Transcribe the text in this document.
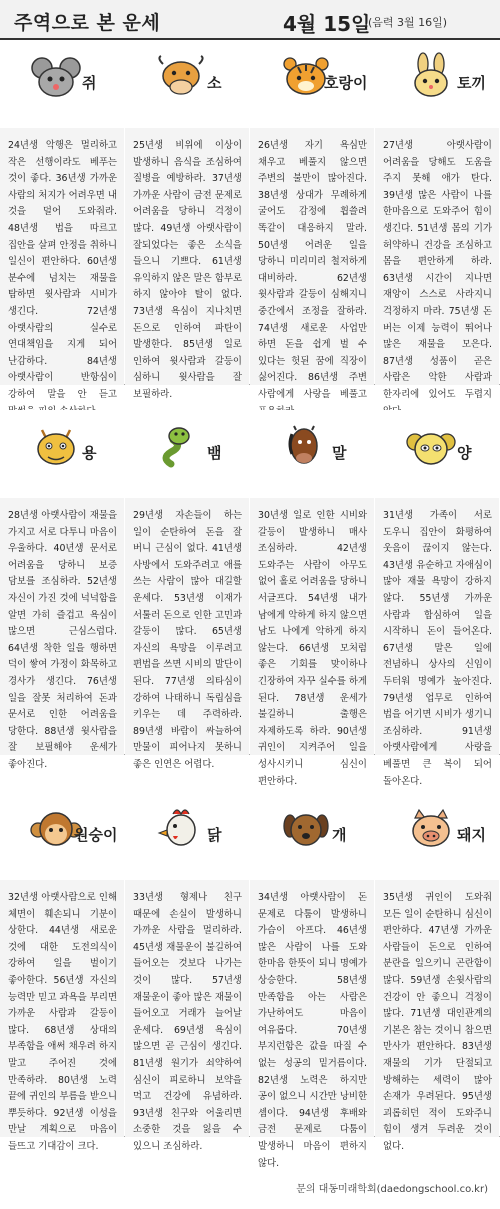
주역으로 본 운세	4월 15일
(음력 3월 16일)
쥐
24년생 악행은 멀리하고 작은 선행이라도 베푸는 것이 좋다. 36년생 가까운 사람의 처지가 어려우면 내 것을 덜어 도와줘라. 48년생 법을 따르고 집안을 살펴 안정을 취하니 일신이 편안하다. 60년생 분수에 넘치는 재물을 탐하면 윗사람과 시비가 생긴다. 72년생 아랫사람의 실수로 연대책임을 지게 되어 난감하다. 84년생 아랫사람이 반항심이 강하여 말을 안 듣고
소
25년생 비위에 이상이 발생하니 음식을 조심하여 질병을 예방하라. 37년생 가까운 사람이 금전 문제로 어려움을 당하니 걱정이 많다. 49년생 아랫사람이 잘되었다는 좋은 소식을 들으니 기쁘다. 61년생 유익하지 않은 말은 함부로 하지 않아야 탈이 없다. 73년생 욕심이 지나치면 돈으로 인하여 파탄이 발생한다. 85년생 일로 인하여 윗사람과 갈등이 심하니 윗사람을 잘 보필하라.
호랑이
26년생 자기 욕심만 채우고 베풀지 않으면 주변의 불만이 많아진다. 38년생 상대가 무례하게 굴어도 감정에 휩쓸려 똑같이 대응하지 말라. 50년생 어려운 일을 당하니 미리미리 철저하게 대비하라. 62년생 윗사람과 갈등이 심해지니 중간에서 조정을 잘하라. 74년생 새로운 사업만 하면 돈을 쉽게 벌 수 있다는 헛된 꿈에 직장이 싫어진다. 86년생 주변 사람에게 사랑을 베풀고
토끼
27년생 아랫사람이 어려움을 당해도 도움을 주지 못해 애가 탄다. 39년생 많은 사람이 나를 한마음으로 도와주어 힘이 생긴다. 51년생 몸의 기가 허약하니 건강을 조심하고 몸을 편안하게 하라. 63년생 시간이 지나면 재앙이 스스로 사라지니 걱정하지 마라. 75년생 돈 버는 이제 능력이 뛰어나 많은 재물을 모은다. 87년생 성품이 곧은 사람은 악한 사람과 한자리에 있어도 두렵지
용
28년생 아랫사람이 재물을 가지고 서로 다투니 마음이 우울하다. 40년생 문서로 어려움을 당하니 보증 담보를 조심하라. 52년생 자신이 가진 것에 넉넉함을 알면 가히 즐겁고 욕심이 많으면 근심스럽다. 64년생 착한 일을 행하면 덕이 쌓여 가정이 화목하고 경사가 생긴다. 76년생 일을 잘못 처리하여 돈과 문서로 인한 어려움을 당한다. 88년생 윗사람을 잘 보필해야 운세가 좋아진다.
뱀
29년생 자손들이 하는 일이 순탄하여 돈을 잘 버니 근심이 없다. 41년생 사방에서 도와주려고 애를 쓰는 사람이 많아 대길할 운세다. 53년생 이재가 서툴러 돈으로 인한 고민과 갈등이 많다. 65년생 자신의 욕망을 이루려고 편법을 쓰면 시비의 발단이 된다. 77년생 의타심이 강하여 나태하니 독립심을 키우는 데 주력하라. 89년생 바람이 싸늘하여 만물이 피어나지 못하니 좋은 인연은 어렵다.
말
30년생 일로 인한 시비와 갈등이 발생하니 매사 조심하라. 42년생 도와주는 사람이 아무도 없어 홀로 어려움을 당하니 서글프다. 54년생 내가 남에게 악하게 하지 않으면 남도 나에게 악하게 하지 않는다. 66년생 모처럼 좋은 기회를 맞이하나 긴장하여 자꾸 실수를 하게 된다. 78년생 운세가 불길하니 출행은 자제하도록 하라. 90년생 귀인이 지켜주어 일을 성사시키니 심신이 편안하다.
양
31년생 가족이 서로 도우니 집안이 화평하여 웃음이 끊이지 않는다. 43년생 유순하고 자애심이 많아 재물 욕망이 강하지 않다. 55년생 가까운 사람과 합심하여 일을 시작하니 돈이 들어온다. 67년생 말은 일에 전념하니 상사의 신임이 두터워 명예가 높아진다. 79년생 업무로 인하여 법을 어기면 시비가 생기니 조심하라. 91년생 아랫사람에게 사랑을 베풀면 큰 복이 되어 돌아온다.
원숭이
32년생 아랫사람으로 인해 체면이 훼손되니 기분이 상한다. 44년생 새로운 것에 대한 도전의식이 강하여 일을 벌이기 좋아한다. 56년생 자신의 능력만 믿고 과욕을 부리면 가까운 사람과 갈등이 많다. 68년생 상대의 부족함을 애써 채우려 하지 말고 주어진 것에 만족하라. 80년생 노력 끝에 귀인의 부름을 받으니 뿌듯하다. 92년생 이성을 만날 계획으로 마음이 들뜨고 기대감이 크다.
닭
33년생 형제나 친구 때문에 손실이 발생하니 가까운 사람을 멀리하라. 45년생 재물운이 불길하여 들어오는 것보다 나가는 것이 많다. 57년생 재물운이 좋아 많은 재물이 들어오고 거래가 늘어날 운세다. 69년생 욕심이 많으면 곧 근심이 생긴다. 81년생 원기가 쇠약하여 심신이 피로하니 보약을 먹고 건강에 유념하라. 93년생 친구와 어울리면 소중한 것을 잃을 수 있으니 조심하라.
개
34년생 아랫사람이 돈 문제로 다툼이 발생하니 가슴이 아프다. 46년생 많은 사람이 나를 도와 한마음 한뜻이 되니 명예가 상승한다. 58년생 만족함을 아는 사람은 가난하여도 마음이 여유롭다. 70년생 부지런함은 값을 따질 수 없는 성공의 밑거름이다. 82년생 노력은 하지만 공이 없으니 시간만 낭비한 셈이다. 94년생 후배와 금전 문제로 다툼이 발생하니 마음이 편하지 않다.
돼지
35년생 귀인이 도와줘 모든 일이 순탄하니 심신이 편안하다. 47년생 가까운 사람들이 돈으로 인하여 분란을 일으키니 곤란함이 많다. 59년생 손윗사람의 건강이 안 좋으니 걱정이 많다. 71년생 대인관계의 기본은 참는 것이니 참으면 만사가 편안하다. 83년생 재물의 기가 단절되고 방해하는 세력이 많아 손재가 우려된다. 95년생 괴롭히던 적이 도와주니 힘이 생겨 두려운 것이 없다.
문의 대동미래학회(daedongschool.co.kr)
